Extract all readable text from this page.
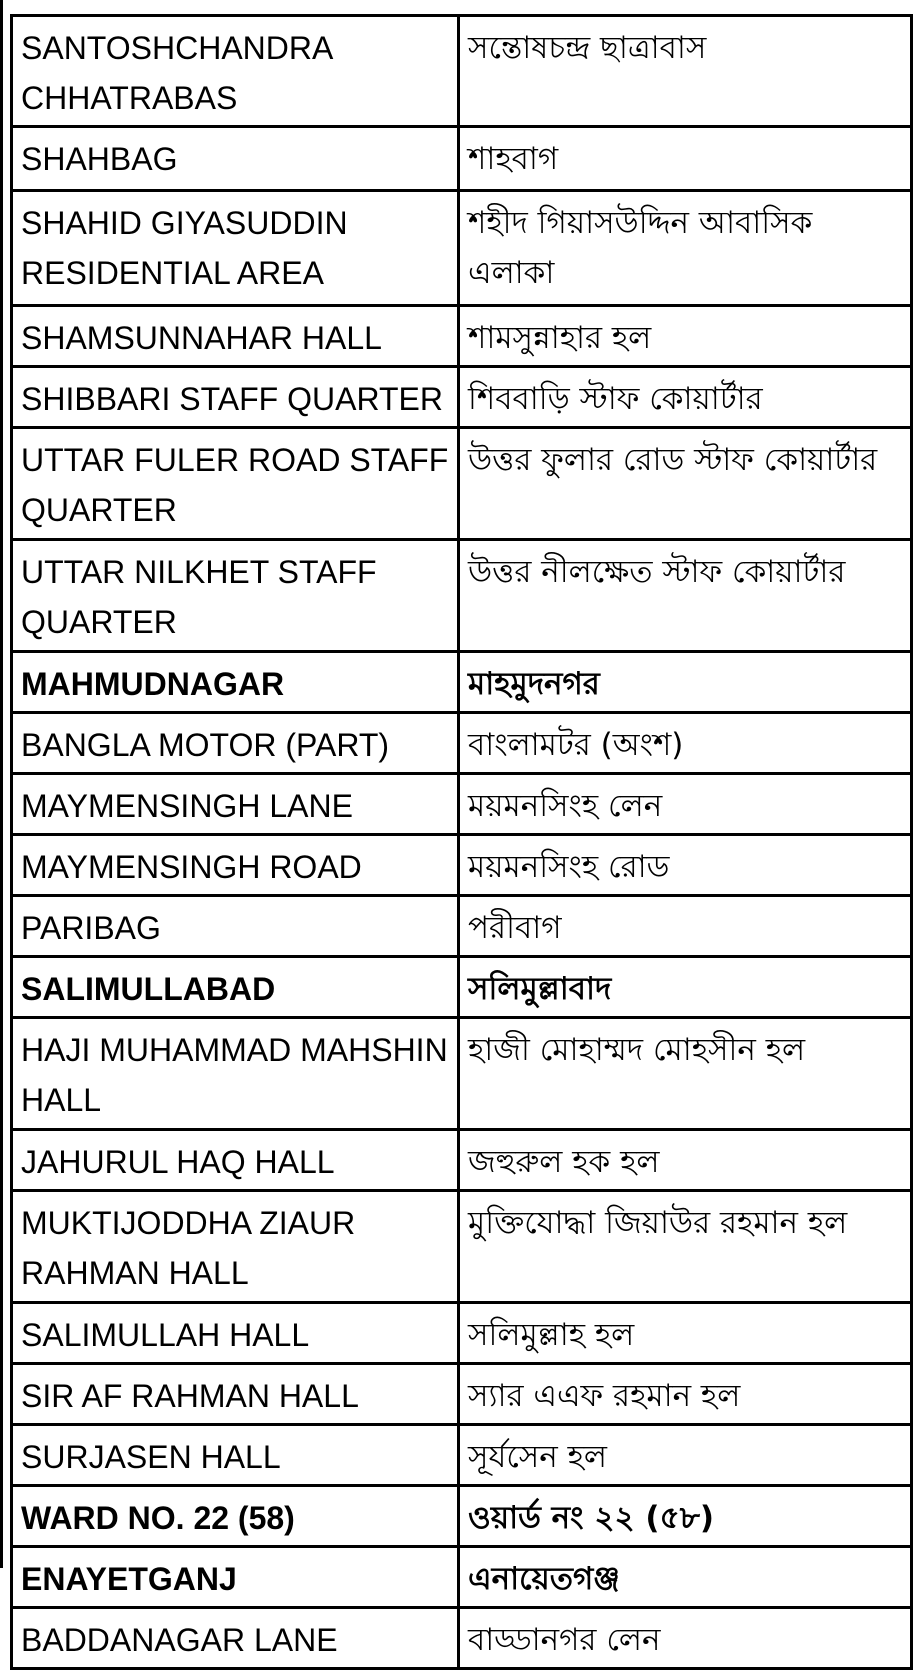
SANTOSHCHANDRA CHHATRABAS	সন্তোষচন্দ্র ছাত্রাবাস
SHAHBAG	শাহবাগ
SHAHID GIYASUDDIN RESIDENTIAL AREA	শহীদ গিয়াসউদ্দিন আবাসিক এলাকা
SHAMSUNNAHAR HALL	শামসুন্নাহার হল
SHIBBARI STAFF QUARTER	শিববাড়ি স্টাফ কোয়ার্টার
UTTAR FULER ROAD STAFF QUARTER	উত্তর ফুলার রোড স্টাফ কোয়ার্টার
UTTAR NILKHET STAFF QUARTER	উত্তর নীলক্ষেত স্টাফ কোয়ার্টার
MAHMUDNAGAR	মাহমুদনগর
BANGLA MOTOR (PART)	বাংলামটর (অংশ)
MAYMENSINGH LANE	ময়মনসিংহ লেন
MAYMENSINGH ROAD	ময়মনসিংহ রোড
PARIBAG	পরীবাগ
SALIMULLABAD	সলিমুল্লাবাদ
HAJI MUHAMMAD MAHSHIN HALL	হাজী মোহাম্মদ মোহসীন হল
JAHURUL HAQ HALL	জহুরুল হক হল
MUKTIJODDHA ZIAUR RAHMAN HALL	মুক্তিযোদ্ধা জিয়াউর রহমান হল
SALIMULLAH HALL	সলিমুল্লাহ হল
SIR AF RAHMAN HALL	স্যার এএফ রহমান হল
SURJASEN HALL	সূর্যসেন হল
WARD NO. 22 (58)	ওয়ার্ড নং ২২ (৫৮)
ENAYETGANJ	এনায়েতগঞ্জ
BADDANAGAR LANE	বাড্ডানগর লেন
